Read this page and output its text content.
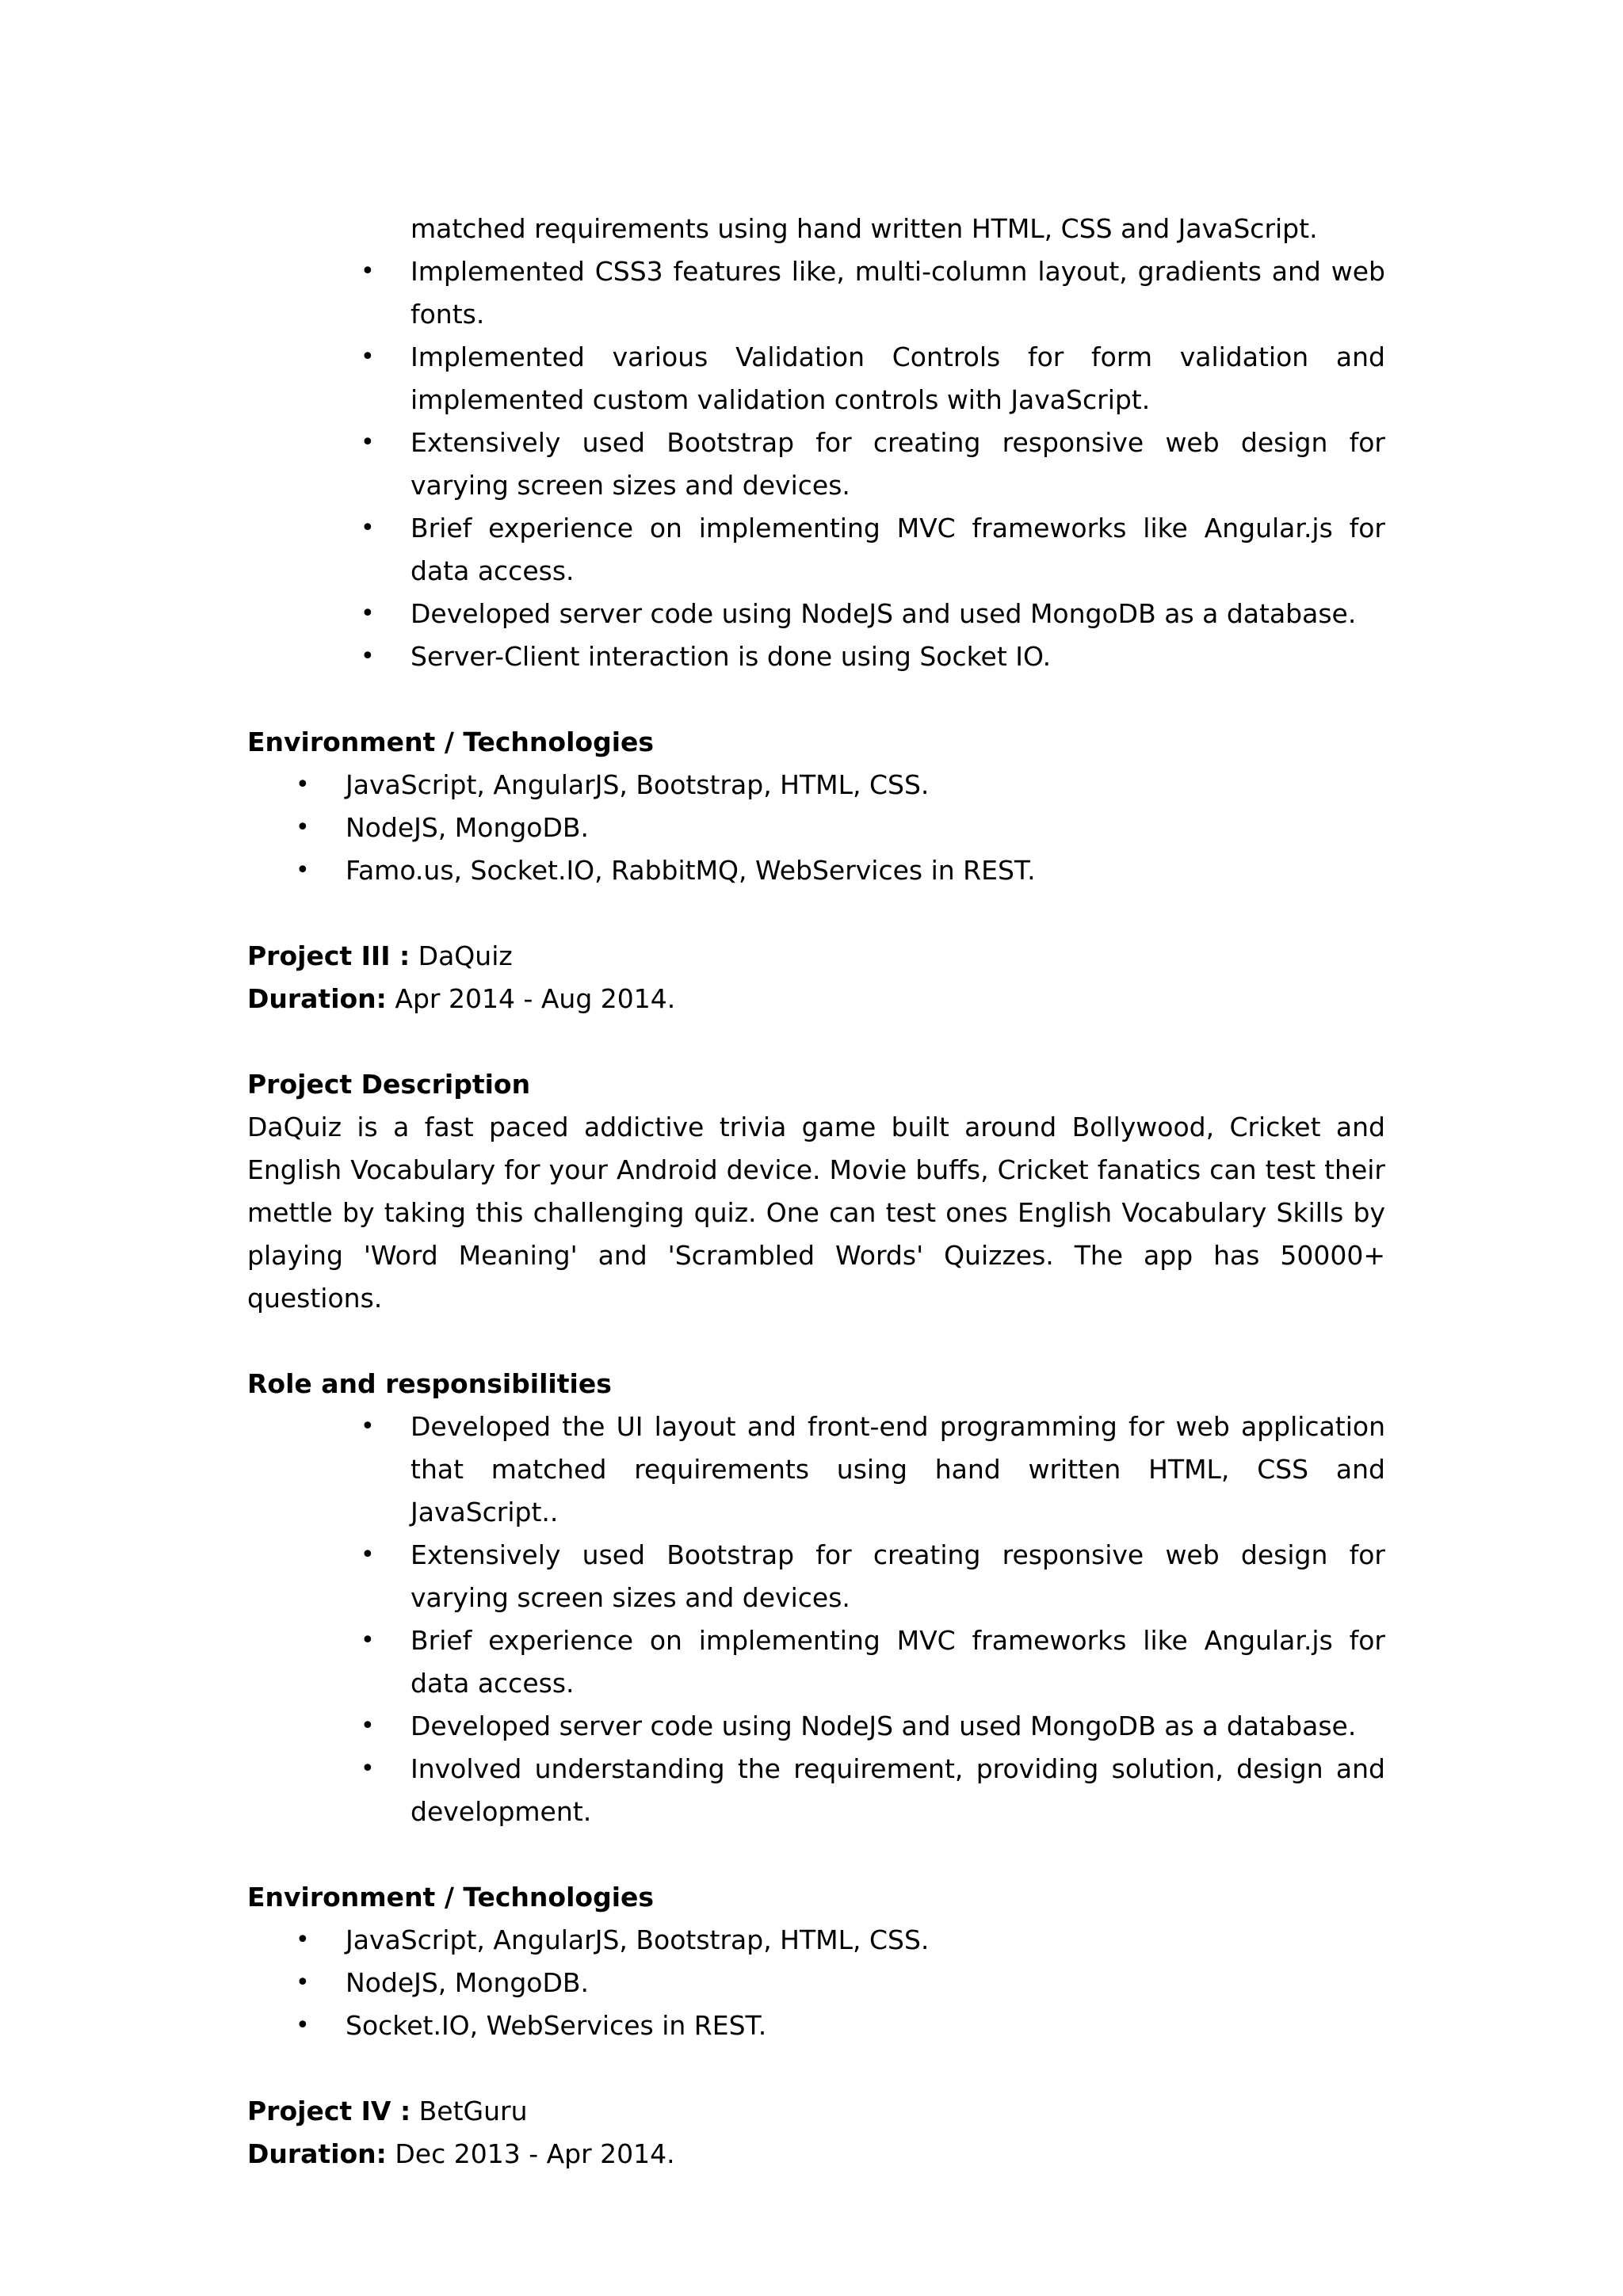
matched requirements using hand written HTML, CSS and JavaScript.

• Implemented CSS3 features like, multi-column layout, gradients and web fonts.
• Implemented various Validation Controls for form validation and implemented custom validation controls with JavaScript.
• Extensively used Bootstrap for creating responsive web design for varying screen sizes and devices.
• Brief experience on implementing MVC frameworks like Angular.js for data access.
• Developed server code using NodeJS and used MongoDB as a database.
• Server-Client interaction is done using Socket IO.

Environment / Technologies

• JavaScript, AngularJS, Bootstrap, HTML, CSS.
• NodeJS, MongoDB.
• Famo.us, Socket.IO, RabbitMQ, WebServices in REST.

Project III : DaQuiz

Duration: Apr 2014 - Aug 2014.

Project Description

DaQuiz is a fast paced addictive trivia game built around Bollywood, Cricket and English Vocabulary for your Android device. Movie buffs, Cricket fanatics can test their mettle by taking this challenging quiz. One can test ones English Vocabulary Skills by playing 'Word Meaning' and 'Scrambled Words' Quizzes. The app has 50000+ questions.

Role and responsibilities

• Developed the UI layout and front-end programming for web application that matched requirements using hand written HTML, CSS and JavaScript..
• Extensively used Bootstrap for creating responsive web design for varying screen sizes and devices.
• Brief experience on implementing MVC frameworks like Angular.js for data access.
• Developed server code using NodeJS and used MongoDB as a database.
• Involved understanding the requirement, providing solution, design and development.

Environment / Technologies

• JavaScript, AngularJS, Bootstrap, HTML, CSS.
• NodeJS, MongoDB.
• Socket.IO, WebServices in REST.

Project IV : BetGuru

Duration: Dec 2013 - Apr 2014.
